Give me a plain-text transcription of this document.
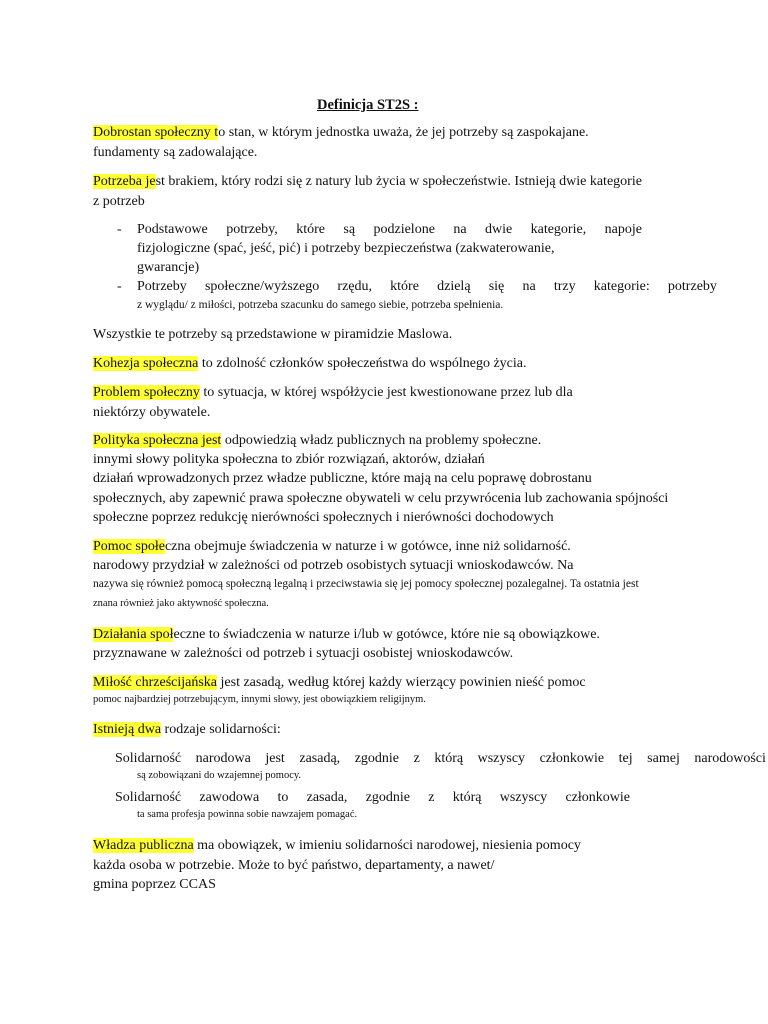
Definicja ST2S :
Dobrostan społeczny to stan, w którym jednostka uważa, że jej potrzeby są zaspokajane.
fundamenty są zadowalające.
Potrzeba jest brakiem, który rodzi się z natury lub życia w społeczeństwie. Istnieją dwie kategorie
z potrzeb
- Podstawowe potrzeby, które są podzielone na dwie kategorie, napoje
fizjologiczne (spać, jeść, pić) i potrzeby bezpieczeństwa (zakwaterowanie,
gwarancje)
- Potrzeby społeczne/wyższego rzędu, które dzielą się na trzy kategorie: potrzeby
z wyglądu/ z miłości, potrzeba szacunku do samego siebie, potrzeba spełnienia.
Wszystkie te potrzeby są przedstawione w piramidzie Maslowa.
Kohezja społeczna to zdolność członków społeczeństwa do wspólnego życia.
Problem społeczny to sytuacja, w której współżycie jest kwestionowane przez lub dla
niektórzy obywatele.
Polityka społeczna jest odpowiedzią władz publicznych na problemy społeczne.
innymi słowy polityka społeczna to zbiór rozwiązań, aktorów, działań
działań wprowadzonych przez władze publiczne, które mają na celu poprawę dobrostanu
społecznych, aby zapewnić prawa społeczne obywateli w celu przywrócenia lub zachowania spójności
społeczne poprzez redukcję nierówności społecznych i nierówności dochodowych
Pomoc społeczna obejmuje świadczenia w naturze i w gotówce, inne niż solidarność.
narodowy przydział w zależności od potrzeb osobistych sytuacji wnioskodawców. Na
nazywa się również pomocą społeczną legalną i przeciwstawia się jej pomocy społecznej pozalegalnej. Ta ostatnia jest
znana również jako aktywność społeczna.
Działania społeczne to świadczenia w naturze i/lub w gotówce, które nie są obowiązkowe.
przyznawane w zależności od potrzeb i sytuacji osobistej wnioskodawców.
Miłość chrześcijańska jest zasadą, według której każdy wierzący powinien nieść pomoc
pomoc najbardziej potrzebującym, innymi słowy, jest obowiązkiem religijnym.
Istnieją dwa rodzaje solidarności:
Solidarność narodowa jest zasadą, zgodnie z którą wszyscy członkowie tej samej narodowości
są zobowiązani do wzajemnej pomocy.
Solidarność zawodowa to zasada, zgodnie z którą wszyscy członkowie
ta sama profesja powinna sobie nawzajem pomagać.
Władza publiczna ma obowiązek, w imieniu solidarności narodowej, niesienia pomocy
każda osoba w potrzebie. Może to być państwo, departamenty, a nawet/
gmina poprzez CCAS
